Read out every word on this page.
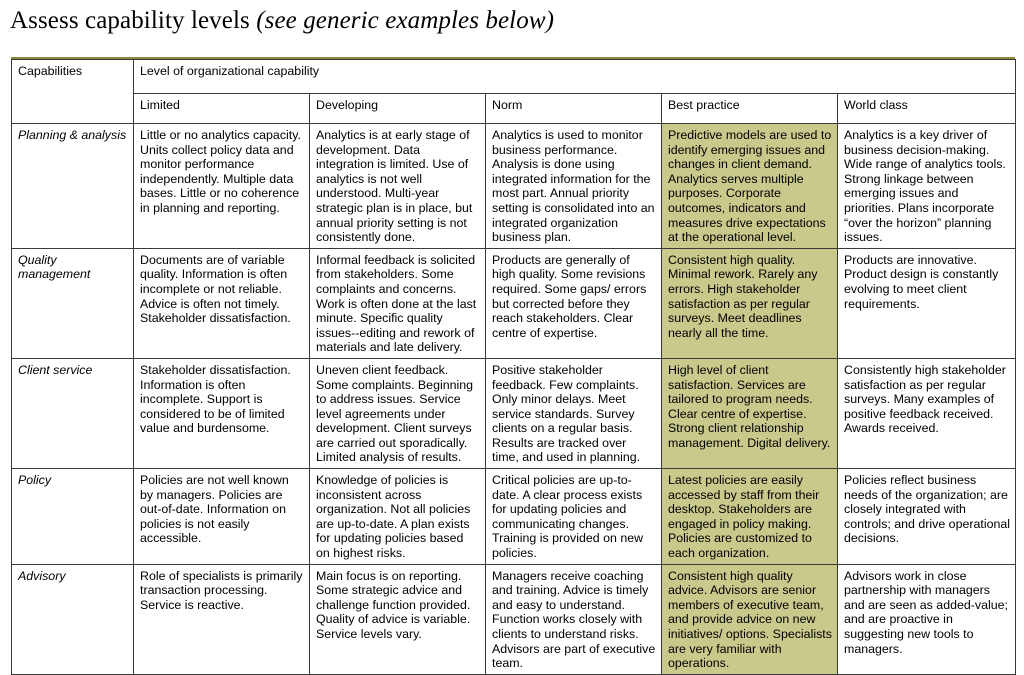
Assess capability levels (see generic examples below)
Capabilities	Level of organizational capability				
	Limited	Developing	Norm	Best practice	World class
Planning & analysis	Little or no analytics capacity. Units collect policy data and monitor performance independently. Multiple data bases. Little or no coherence in planning and reporting.	Analytics is at early stage of development. Data integration is limited. Use of analytics is not well understood. Multi-year strategic plan is in place, but annual priority setting is not consistently done.	Analytics is used to monitor business performance. Analysis is done using integrated information for the most part. Annual priority setting is consolidated into an integrated organization business plan.	Predictive models are used to identify emerging issues and changes in client demand. Analytics serves multiple purposes. Corporate outcomes, indicators and measures drive expectations at the operational level.	Analytics is a key driver of business decision-making. Wide range of analytics tools. Strong linkage between emerging issues and priorities. Plans incorporate “over the horizon” planning issues.
Quality management	Documents are of variable quality. Information is often incomplete or not reliable. Advice is often not timely. Stakeholder dissatisfaction.	Informal feedback is solicited from stakeholders. Some complaints and concerns. Work is often done at the last minute. Specific quality issues--editing and rework of materials and late delivery.	Products are generally of high quality. Some revisions required. Some gaps/ errors but corrected before they reach stakeholders. Clear centre of expertise.	Consistent high quality. Minimal rework. Rarely any errors. High stakeholder satisfaction as per regular surveys. Meet deadlines nearly all the time.	Products are innovative. Product design is constantly evolving to meet client requirements.
Client service	Stakeholder dissatisfaction. Information is often incomplete. Support is considered to be of limited value and burdensome.	Uneven client feedback. Some complaints. Beginning to address issues. Service level agreements under development. Client surveys are carried out sporadically. Limited analysis of results.	Positive stakeholder feedback. Few complaints. Only minor delays. Meet service standards. Survey clients on a regular basis. Results are tracked over time, and used in planning.	High level of client satisfaction. Services are tailored to program needs. Clear centre of expertise. Strong client relationship management. Digital delivery.	Consistently high stakeholder satisfaction as per regular surveys. Many examples of positive feedback received. Awards received.
Policy	Policies are not well known by managers. Policies are out-of-date. Information on policies is not easily accessible.	Knowledge of policies is inconsistent across organization. Not all policies are up-to-date. A plan exists for updating policies based on highest risks.	Critical policies are up-to-date. A clear process exists for updating policies and communicating changes. Training is provided on new policies.	Latest policies are easily accessed by staff from their desktop. Stakeholders are engaged in policy making. Policies are customized to each organization.	Policies reflect business needs of the organization; are closely integrated with controls; and drive operational decisions.
Advisory	Role of specialists is primarily transaction processing. Service is reactive.	Main focus is on reporting. Some strategic advice and challenge function provided. Quality of advice is variable. Service levels vary.	Managers receive coaching and training. Advice is timely and easy to understand. Function works closely with clients to understand risks. Advisors are part of executive team.	Consistent high quality advice. Advisors are senior members of executive team, and provide advice on new initiatives/ options. Specialists are very familiar with operations.	Advisors work in close partnership with managers and are seen as added-value; and are proactive in suggesting new tools to managers.
